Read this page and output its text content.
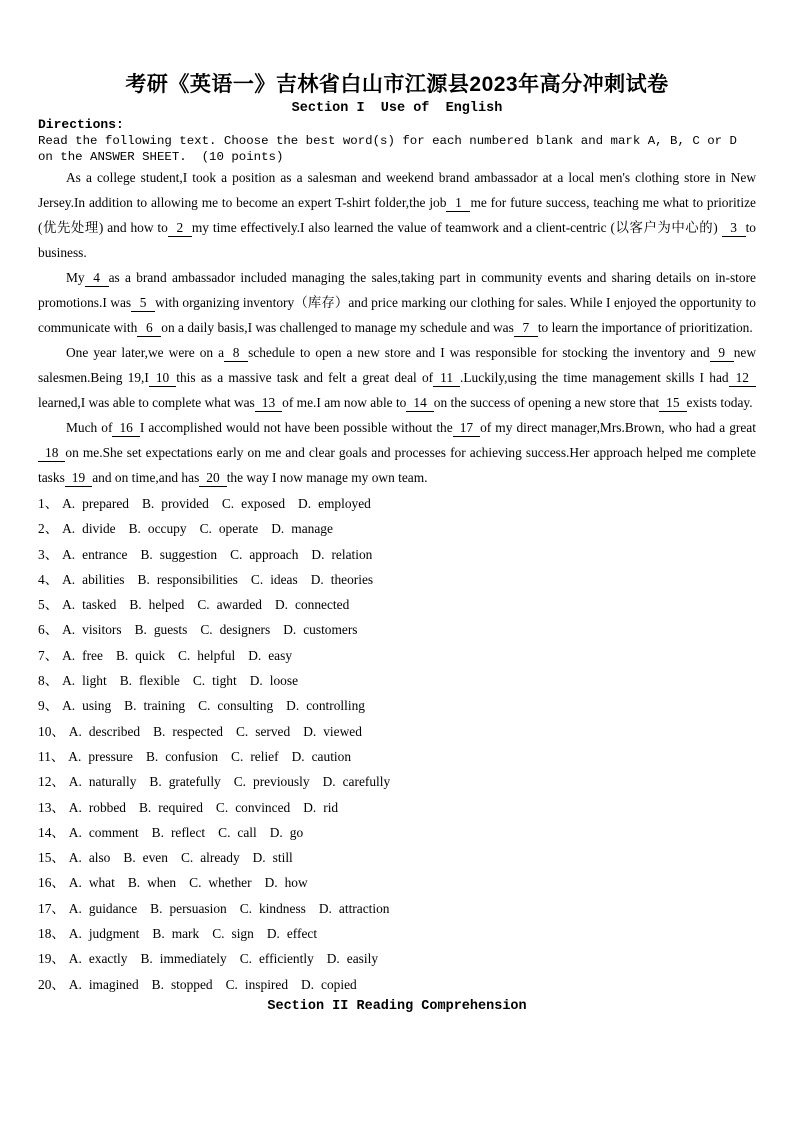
考研《英语一》吉林省白山市江源县2023年高分冲刺试卷
Section I  Use of  English
Directions:
Read the following text. Choose the best word(s) for each numbered blank and mark A, B, C or D on the ANSWER SHEET.  (10 points)

As a college student,I took a position as a salesman and weekend brand ambassador at a local men's clothing store in New Jersey.In addition to allowing me to become an expert T-shirt folder,the job 1 me for future success, teaching me what to prioritize (优先处理) and how to 2 my time effectively.I also learned the value of teamwork and a client-centric (以客户为中心的) 3 to business.

My 4 as a brand ambassador included managing the sales,taking part in community events and sharing details on in-store promotions.I was 5 with organizing inventory（库存）and price marking our clothing for sales. While I enjoyed the opportunity to communicate with 6 on a daily basis,I was challenged to manage my schedule and was 7 to learn the importance of prioritization.

One year later,we were on a 8 schedule to open a new store and I was responsible for stocking the inventory and 9 new salesmen.Being 19,I 10 this as a massive task and felt a great deal of 11 .Luckily,using the time management skills I had 12learned,I was able to complete what was 13 of me.I am now able to 14 on the success of opening a new store that 15 exists today.

Much of 16 I accomplished would not have been possible without the 17 of my direct manager,Mrs.Brown, who had a great18 on me.She set expectations early on me and clear goals and processes for achieving success.Her approach helped me complete tasks 19 and on time,and has 20 the way I now manage my own team.

1、 A. prepared B. provided C. exposed D. employed
2、 A. divide B. occupy C. operate D. manage
3、 A. entrance B. suggestion C. approach D. relation
4、 A. abilities B. responsibilities C. ideas D. theories
5、 A. tasked B. helped C. awarded D. connected
6、 A. visitors B. guests C. designers D. customers
7、 A. free B. quick C. helpful D. easy
8、 A. light B. flexible C. tight D. loose
9、 A. using B. training C. consulting D. controlling
10、 A. described B. respected C. served D. viewed
11、 A. pressure B. confusion C. relief D. caution
12、 A. naturally B. gratefully C. previously D. carefully
13、 A. robbed B. required C. convinced D. rid
14、 A. comment B. reflect C. call D. go
15、 A. also B. even C. already D. still
16、 A. what B. when C. whether D. how
17、 A. guidance B. persuasion C. kindness D. attraction
18、 A. judgment B. mark C. sign D. effect
19、 A. exactly B. immediately C. efficiently D. easily
20、 A. imagined B. stopped C. inspired D. copied
Section II Reading Comprehension
